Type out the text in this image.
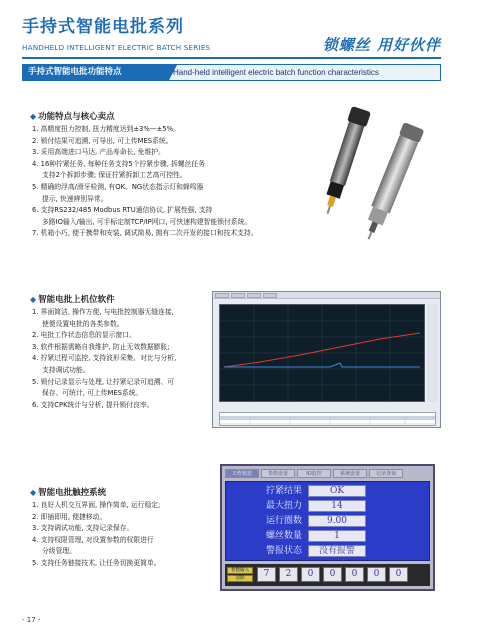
手持式智能电批系列
HANDHELD INTELLIGENT ELECTRIC BATCH SERIES	锁螺丝 用好伙伴
手持式智能电批功能特点	Hand-held intelligent electric batch function characteristics
◆ 功能特点与核心卖点
1. 高精度扭力控制, 扭力精度达到±3%—±5%。
2. 锁付结果可追溯, 可导出, 可上传MES系统。
3. 采用高端进口马达, 产品寿命长, 免维护。
4. 16种拧紧任务, 每种任务支持5个拧紧步骤, 拆螺丝任务
支持2个拆卸步骤; 保证拧紧拆卸工艺高可控性。
5. 精确的浮高/滑牙检测, 有OK、NG状态指示灯和蜂鸣器
提示, 快速辨别异常。
6. 支持RS232/485 Modbus RTU通信协议, 扩展性强, 支持
多路IO输入/输出, 可手标定制TCP/IP网口, 可快速构建智能锁付系统。
7. 机箱小巧, 便于携带和安装, 调试简易, 拥有二次开发的接口和技术支持。
◆ 智能电批上机位软件
1. 界面简洁, 操作方便, 与电批控制器无缝连接,
使便设置电批的各类参数。
2. 电批工作状态信息的显示窗口。
3. 软件根据需略自我维护, 防止无效数据膨胀;
4. 拧紧过程可监控, 支持波形采集、对比与分析,
支持调试功能。
5. 锁付记录显示与处理, 让拧紧记录可追溯、可
保存、可统计, 可上传MES系统。
6. 支持CPK统计与分析, 提升锁付良率。
◆ 智能电批触控系统
1. 良好人机交互界面, 操作简单, 运行稳定;
2. 即插即用, 便捷移动。
3. 支持调试功能, 支持记录保存。
4. 支持权限管理, 对设置参数的权限进行
分级管理。
5. 支持任务链接技术, 让任务切换更简单。
工作状态	参数设置	IO监控	系统设置	记录查询
拧紧结果	OK
最大扭力	14
运行圈数	9.00
螺丝数量	1
警报状态	没有报警
参数输入
清除	7	2	0	0	0	0	0
- 17 -
